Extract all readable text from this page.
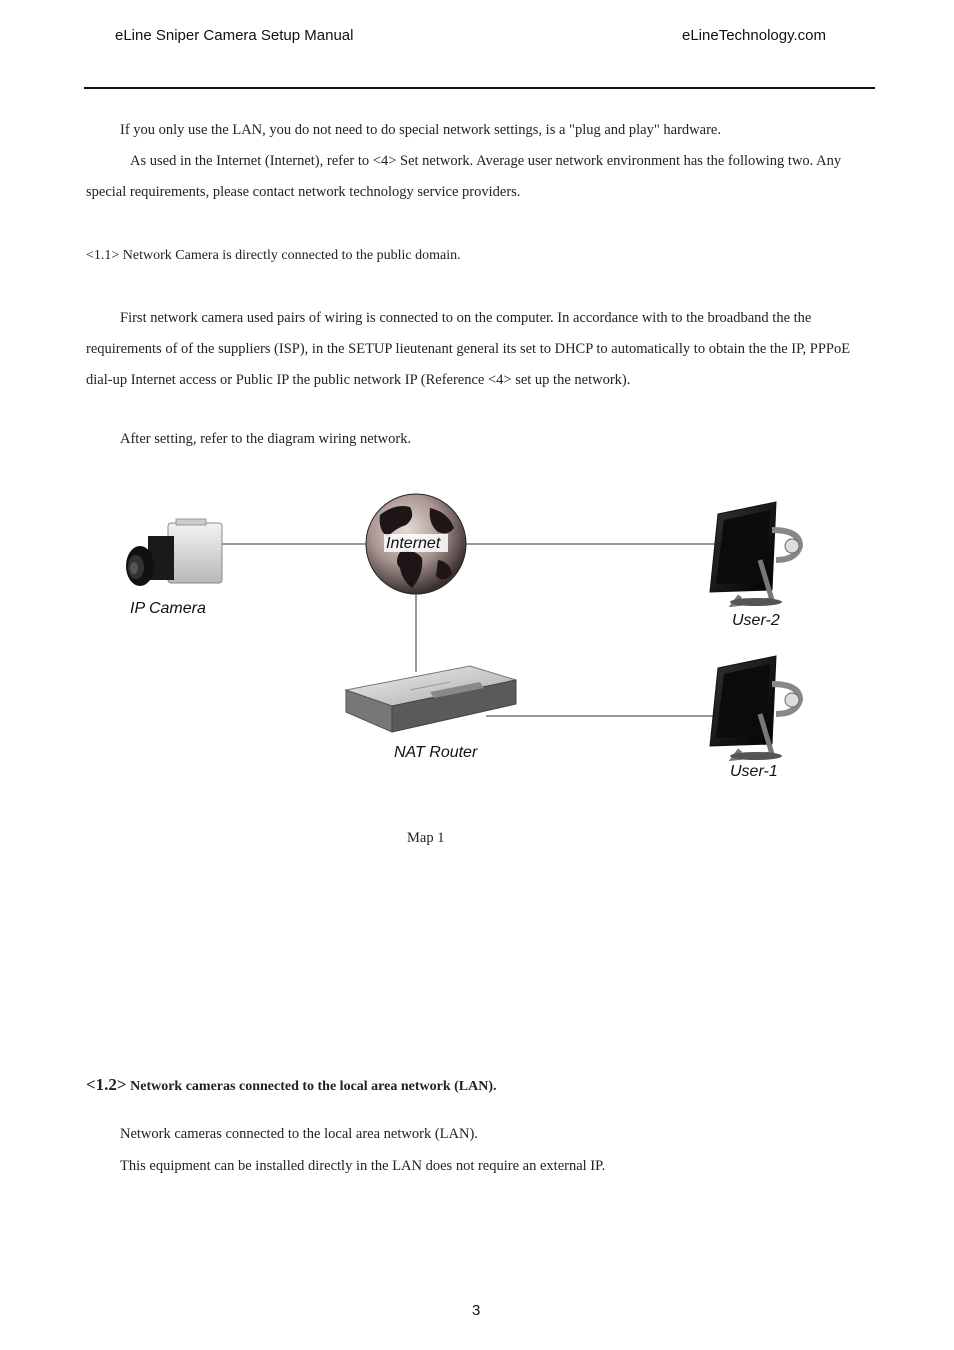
eLine Sniper Camera Setup Manual	eLineTechnology.com

If you only use the LAN, you do not need to do special network settings, is a "plug and play" hardware.

As used in the Internet (Internet), refer to <4> Set network. Average user network environment has the following two. Any special requirements, please contact network technology service providers.

<1.1> Network Camera is directly connected to the public domain.

First network camera used pairs of wiring is connected to on the computer. In accordance with to the broadband the the requirements of of the suppliers (ISP), in the SETUP lieutenant general its set to DHCP to automatically to obtain the the IP, PPPoE dial-up Internet access or Public IP the public network IP (Reference <4> set up the network).

After setting, refer to the diagram wiring network.

IP Camera
Internet
NAT Router
User-2
User-1
Map 1
<1.2> Network cameras connected to the local area network (LAN).

Network cameras connected to the local area network (LAN).

This equipment can be installed directly in the LAN does not require an external IP.

3
